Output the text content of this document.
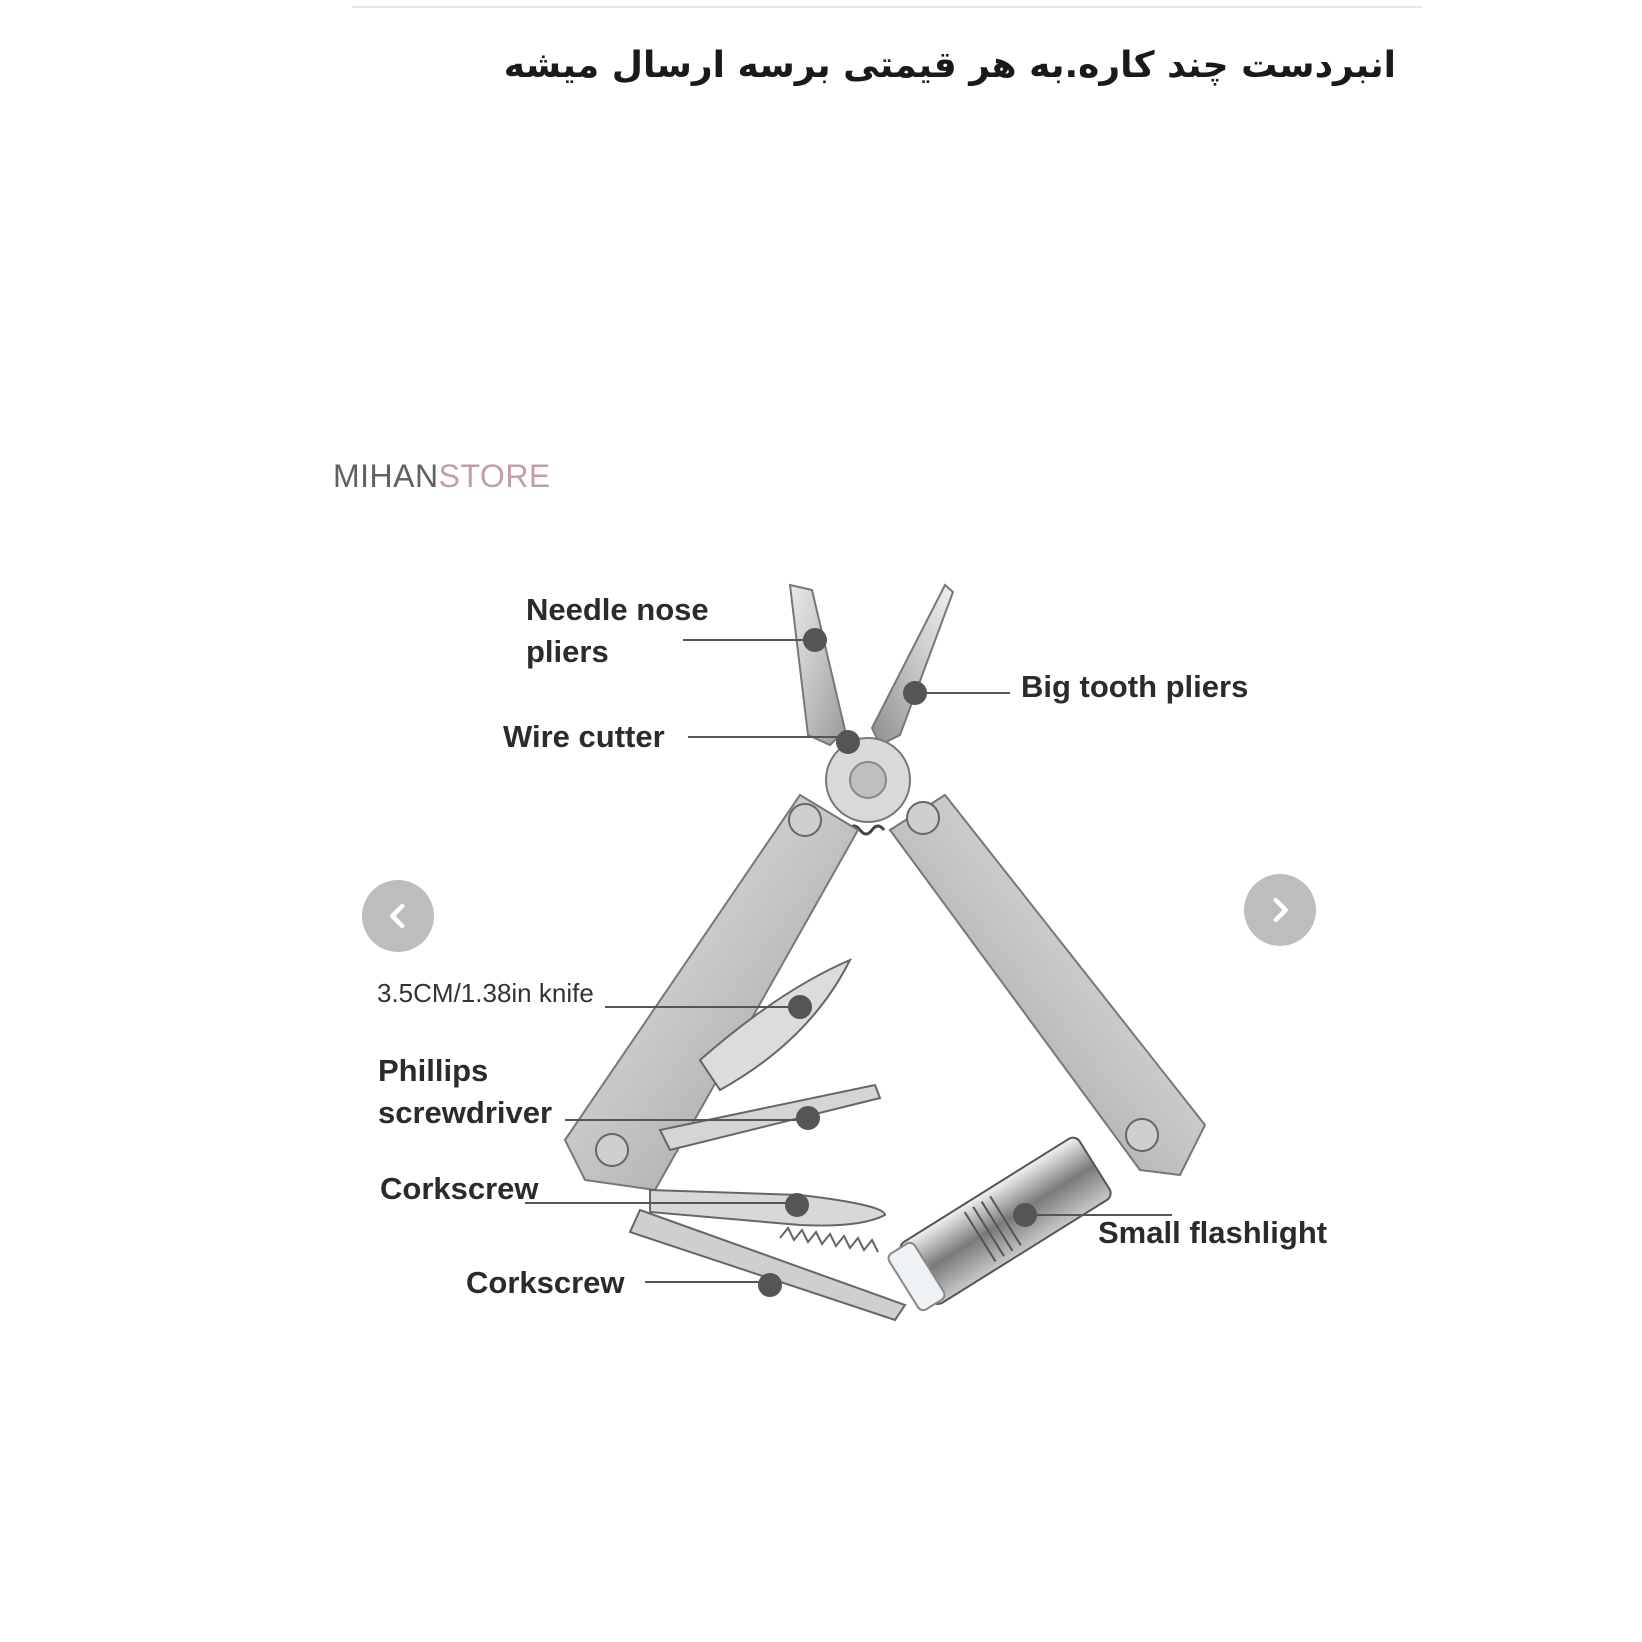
انبردست چند کاره.به هر قیمتی برسه ارسال میشه
MIHANSTORE
Needle nose
pliers
Big tooth pliers
Wire cutter
3.5CM/1.38in knife
Phillips
screwdriver
Corkscrew
Corkscrew
Small flashlight
